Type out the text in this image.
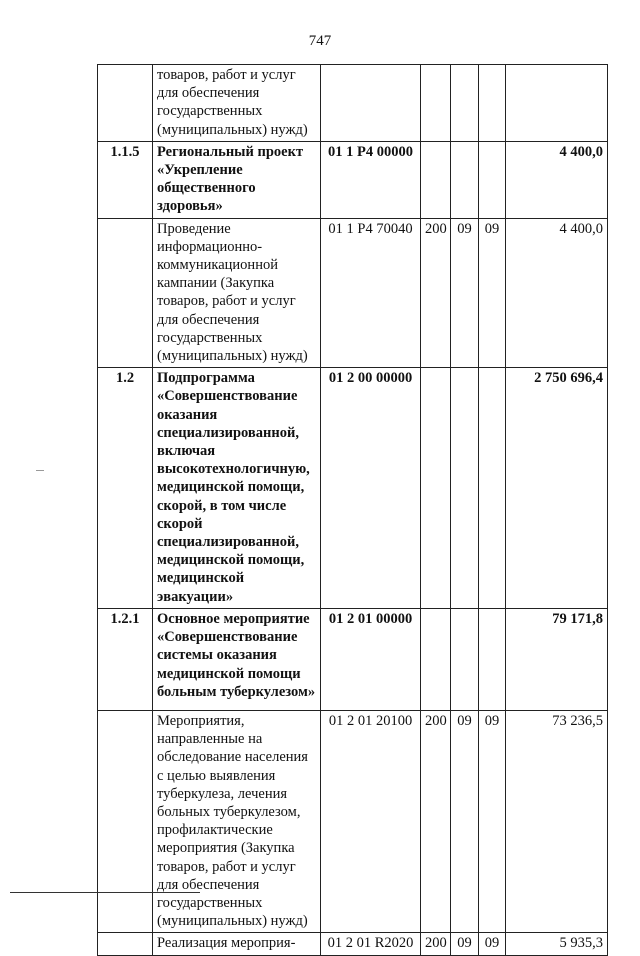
747
	товаров, работ и услуг для обеспечения государственных (муниципальных) нужд)					
1.1.5	Региональный проект «Укрепление общественного здоровья»	01 1 Р4 00000				4 400,0
	Проведение информационно-коммуникационной кампании (Закупка товаров, работ и услуг для обеспечения государственных (муниципальных) нужд)	01 1 Р4 70040	200	09	09	4 400,0
1.2	Подпрограмма «Совершенствование оказания специализированной, включая высокотехнологичную, медицинской помощи, скорой, в том числе скорой специализированной, медицинской помощи, медицинской эвакуации»	01 2 00 00000				2 750 696,4
1.2.1	Основное мероприятие «Совершенствование системы оказания медицинской помощи больным туберкулезом»	01 2 01 00000				79 171,8
	Мероприятия, направленные на обследование населения с целью выявления туберкулеза, лечения больных туберкулезом, профилактические мероприятия (Закупка товаров, работ и услуг для обеспечения государственных (муниципальных) нужд)	01 2 01 20100	200	09	09	73 236,5
	Реализация мероприя-	01 2 01 R2020	200	09	09	5 935,3
